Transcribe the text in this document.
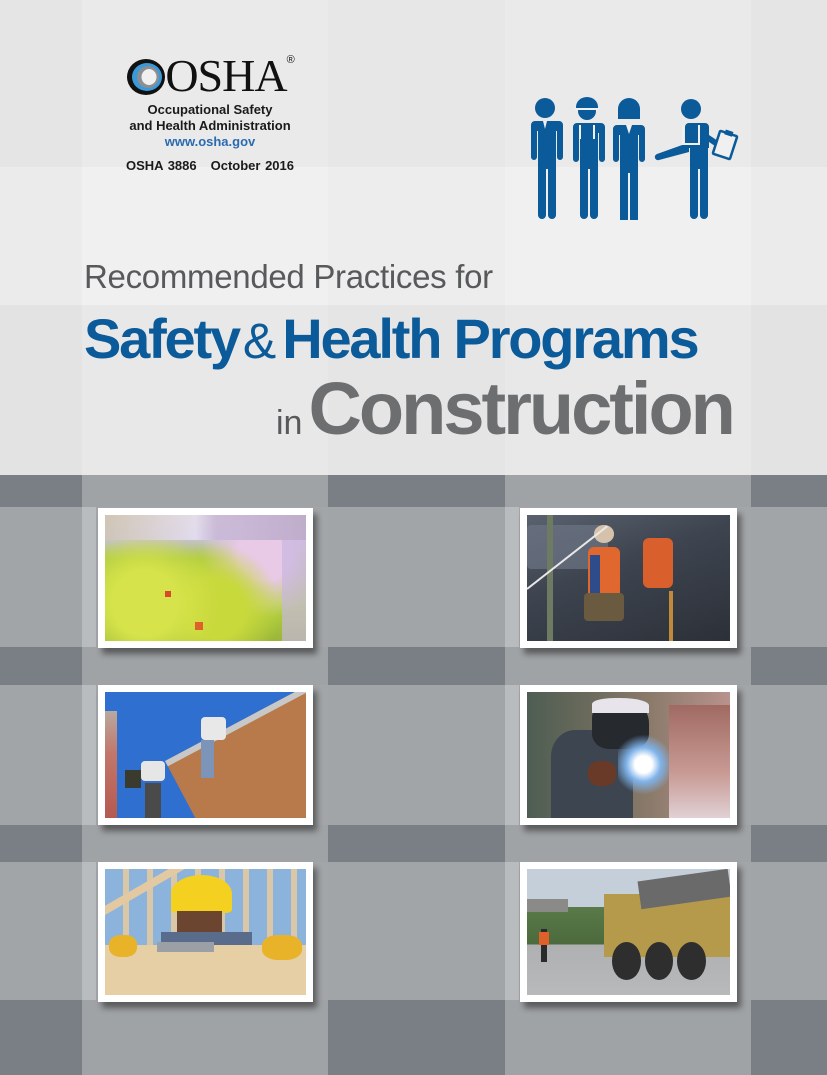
OSHA ®
Occupational Safety
and Health Administration
www.osha.gov
OSHA 3886 October 2016
Recommended Practices for
Safety& Health Programs
inConstruction
